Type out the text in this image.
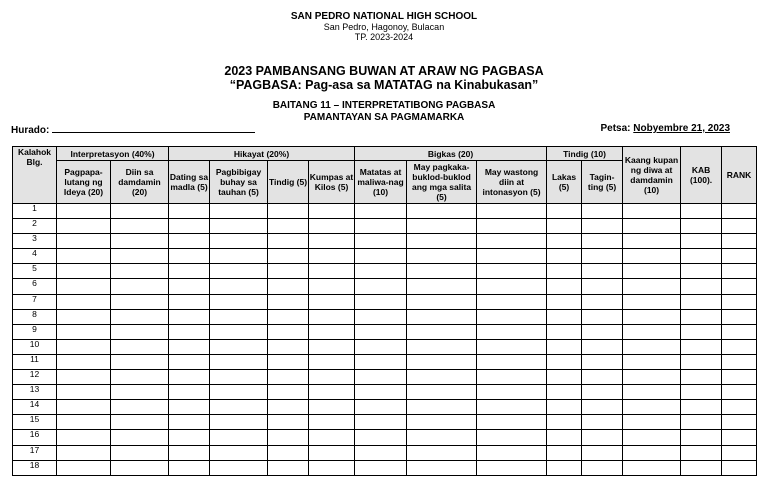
SAN PEDRO NATIONAL HIGH SCHOOL
San Pedro, Hagonoy, Bulacan
TP. 2023-2024
2023 PAMBANSANG BUWAN AT ARAW NG PAGBASA
“PAGBASA: Pag-asa sa MATATAG na Kinabukasan”
BAITANG 11 – INTERPRETATIBONG PAGBASA
PAMANTAYAN SA PAGMAMARKA
Hurado:	Petsa: Nobyembre 21, 2023
Kalahok Blg.	Interpretasyon (40%)		Hikayat (20%)				Bigkas (20)			Tindig (10)		Kaang kupan ng diwa at damdamin (10)	KAB (100).	RANK
	Pagpapa-lutang ng Ideya (20)	Diin sa damdamin (20)	Dating sa madla (5)	Pagbibigay buhay sa tauhan (5)	Tindig (5)	Kumpas at Kilos (5)	Matatas at maliwa-nag (10)	May pagkaka-buklod-buklod ang mga salita (5)	May wastong diin at intonasyon (5)	Lakas (5)	Tagin-ting (5)			
1														
2														
3														
4														
5														
6														
7														
8														
9														
10														
11														
12														
13														
14														
15														
16														
17														
18														
